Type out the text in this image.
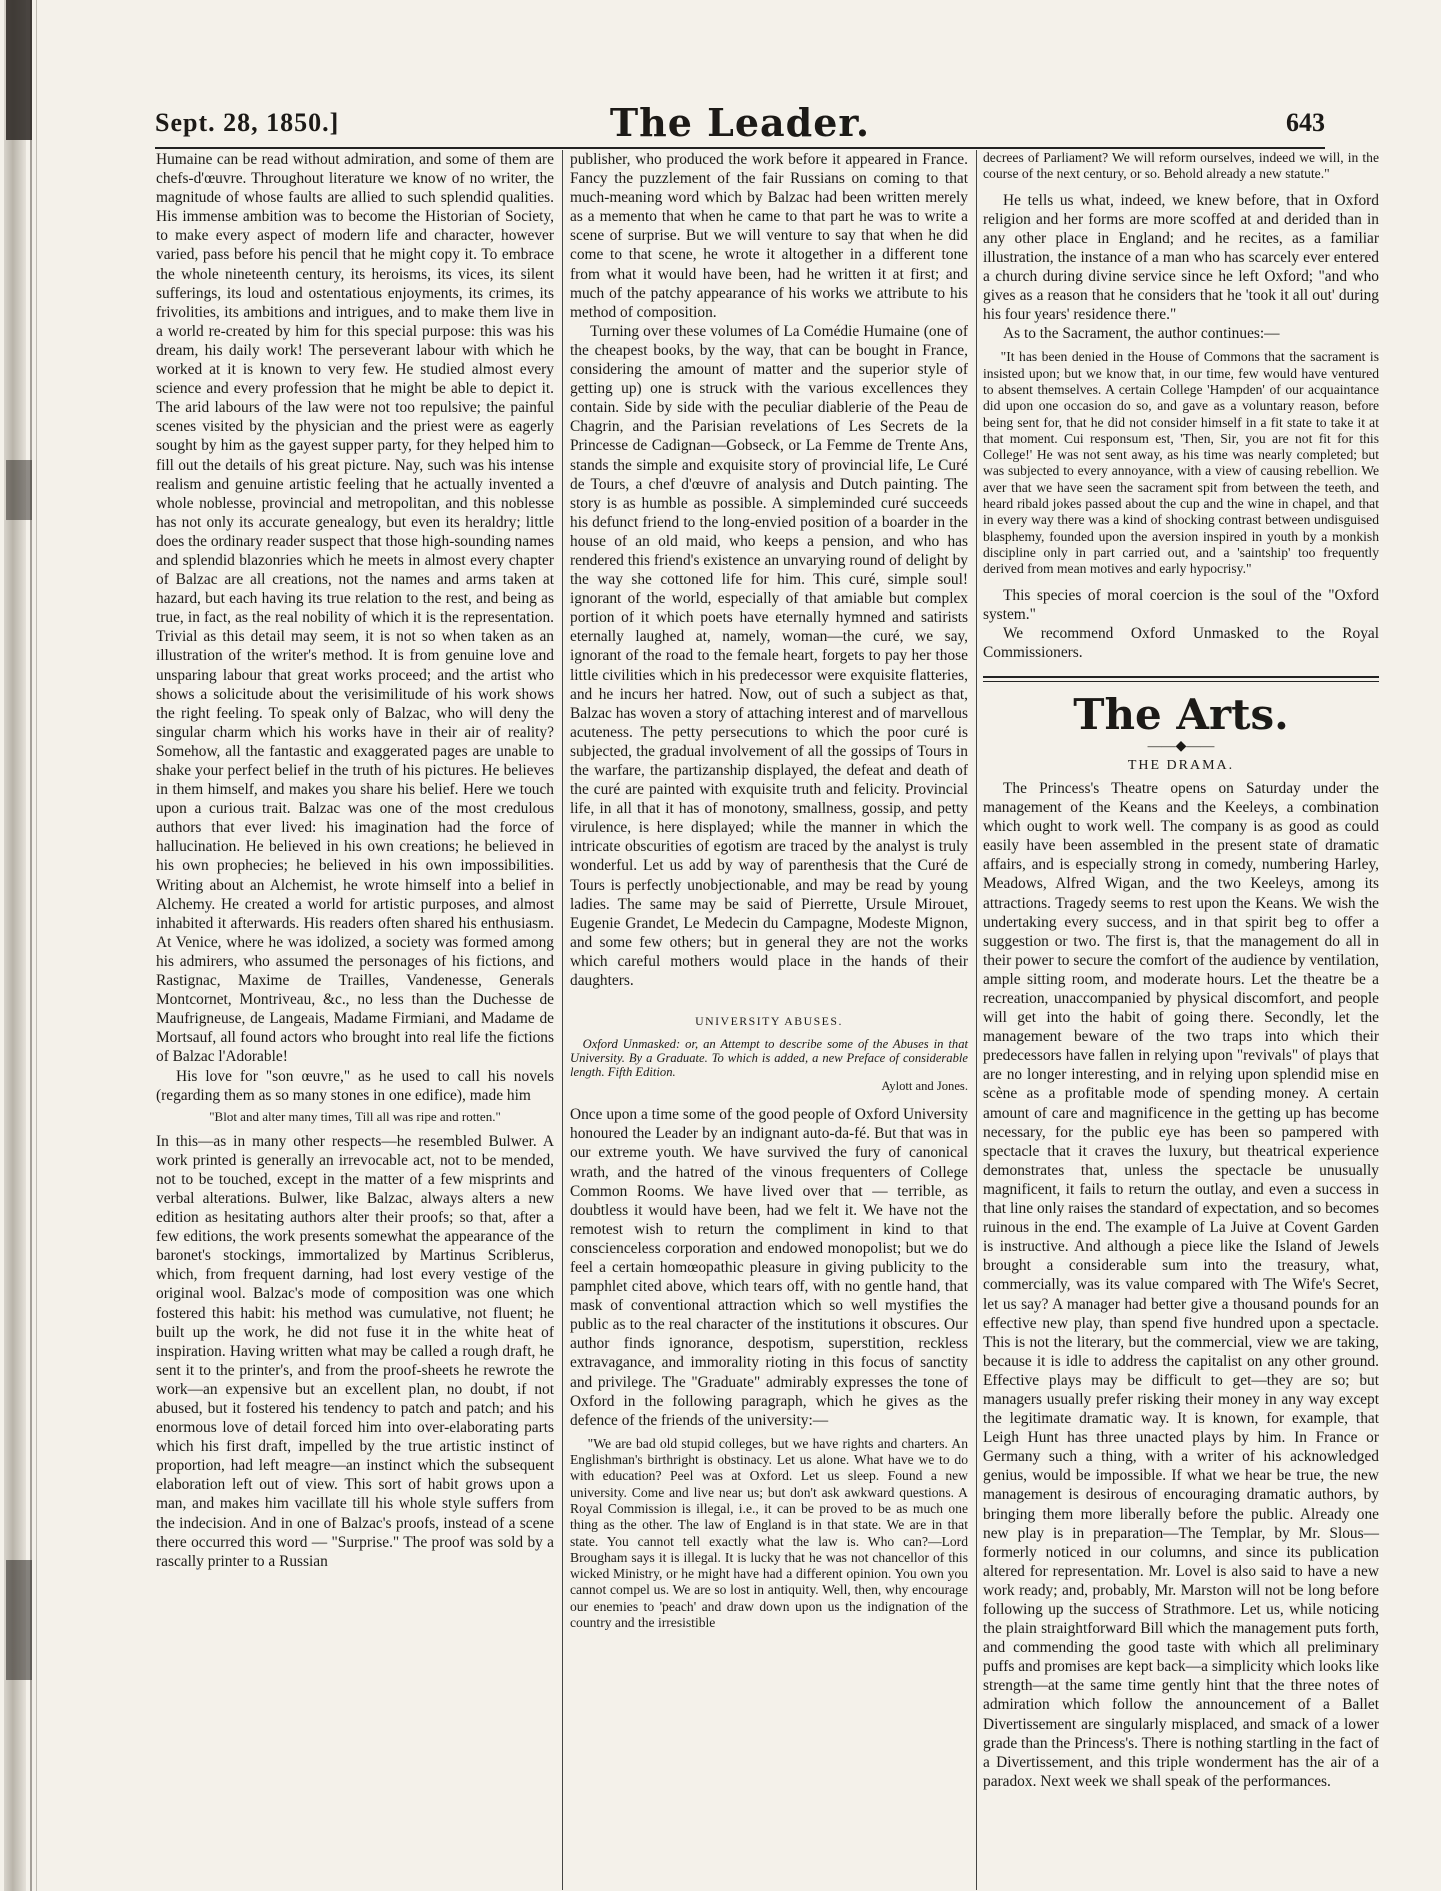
Sept. 28, 1850.]	The Leader.	643

Humaine can be read without admiration, and some of them are chefs-d'œuvre. Throughout literature we know of no writer, the magnitude of whose faults are allied to such splendid qualities. His immense ambition was to become the Historian of Society, to make every aspect of modern life and character, however varied, pass before his pencil that he might copy it. To embrace the whole nineteenth century, its heroisms, its vices, its silent sufferings, its loud and ostentatious enjoyments, its crimes, its frivolities, its ambitions and intrigues, and to make them live in a world re-created by him for this special purpose: this was his dream, his daily work! The perseverant labour with which he worked at it is known to very few. He studied almost every science and every profession that he might be able to depict it. The arid labours of the law were not too repulsive; the painful scenes visited by the physician and the priest were as eagerly sought by him as the gayest supper party, for they helped him to fill out the details of his great picture. Nay, such was his intense realism and genuine artistic feeling that he actually invented a whole noblesse, provincial and metropolitan, and this noblesse has not only its accurate genealogy, but even its heraldry; little does the ordinary reader suspect that those high-sounding names and splendid blazonries which he meets in almost every chapter of Balzac are all creations, not the names and arms taken at hazard, but each having its true relation to the rest, and being as true, in fact, as the real nobility of which it is the representation. Trivial as this detail may seem, it is not so when taken as an illustration of the writer's method. It is from genuine love and unsparing labour that great works proceed; and the artist who shows a solicitude about the verisimilitude of his work shows the right feeling. To speak only of Balzac, who will deny the singular charm which his works have in their air of reality? Somehow, all the fantastic and exaggerated pages are unable to shake your perfect belief in the truth of his pictures. He believes in them himself, and makes you share his belief. Here we touch upon a curious trait. Balzac was one of the most credulous authors that ever lived: his imagination had the force of hallucination. He believed in his own creations; he believed in his own prophecies; he believed in his own impossibilities. Writing about an Alchemist, he wrote himself into a belief in Alchemy. He created a world for artistic purposes, and almost inhabited it afterwards. His readers often shared his enthusiasm. At Venice, where he was idolized, a society was formed among his admirers, who assumed the personages of his fictions, and Rastignac, Maxime de Trailles, Vandenesse, Generals Montcornet, Montriveau, &c., no less than the Duchesse de Maufrigneuse, de Langeais, Madame Firmiani, and Madame de Mortsauf, all found actors who brought into real life the fictions of Balzac l'Adorable!

His love for "son œuvre," as he used to call his novels (regarding them as so many stones in one edifice), made him

"Blot and alter many times, Till all was ripe and rotten."

In this—as in many other respects—he resembled Bulwer. A work printed is generally an irrevocable act, not to be mended, not to be touched, except in the matter of a few misprints and verbal alterations. Bulwer, like Balzac, always alters a new edition as hesitating authors alter their proofs; so that, after a few editions, the work presents somewhat the appearance of the baronet's stockings, immortalized by Martinus Scriblerus, which, from frequent darning, had lost every vestige of the original wool. Balzac's mode of composition was one which fostered this habit: his method was cumulative, not fluent; he built up the work, he did not fuse it in the white heat of inspiration. Having written what may be called a rough draft, he sent it to the printer's, and from the proof-sheets he rewrote the work—an expensive but an excellent plan, no doubt, if not abused, but it fostered his tendency to patch and patch; and his enormous love of detail forced him into over-elaborating parts which his first draft, impelled by the true artistic instinct of proportion, had left meagre—an instinct which the subsequent elaboration left out of view. This sort of habit grows upon a man, and makes him vacillate till his whole style suffers from the indecision. And in one of Balzac's proofs, instead of a scene there occurred this word — "Surprise." The proof was sold by a rascally printer to a Russian

publisher, who produced the work before it appeared in France. Fancy the puzzlement of the fair Russians on coming to that much-meaning word which by Balzac had been written merely as a memento that when he came to that part he was to write a scene of surprise. But we will venture to say that when he did come to that scene, he wrote it altogether in a different tone from what it would have been, had he written it at first; and much of the patchy appearance of his works we attribute to his method of composition.

Turning over these volumes of La Comédie Humaine (one of the cheapest books, by the way, that can be bought in France, considering the amount of matter and the superior style of getting up) one is struck with the various excellences they contain. Side by side with the peculiar diablerie of the Peau de Chagrin, and the Parisian revelations of Les Secrets de la Princesse de Cadignan—Gobseck, or La Femme de Trente Ans, stands the simple and exquisite story of provincial life, Le Curé de Tours, a chef d'œuvre of analysis and Dutch painting. The story is as humble as possible. A simpleminded curé succeeds his defunct friend to the long-envied position of a boarder in the house of an old maid, who keeps a pension, and who has rendered this friend's existence an unvarying round of delight by the way she cottoned life for him. This curé, simple soul! ignorant of the world, especially of that amiable but complex portion of it which poets have eternally hymned and satirists eternally laughed at, namely, woman—the curé, we say, ignorant of the road to the female heart, forgets to pay her those little civilities which in his predecessor were exquisite flatteries, and he incurs her hatred. Now, out of such a subject as that, Balzac has woven a story of attaching interest and of marvellous acuteness. The petty persecutions to which the poor curé is subjected, the gradual involvement of all the gossips of Tours in the warfare, the partizanship displayed, the defeat and death of the curé are painted with exquisite truth and felicity. Provincial life, in all that it has of monotony, smallness, gossip, and petty virulence, is here displayed; while the manner in which the intricate obscurities of egotism are traced by the analyst is truly wonderful. Let us add by way of parenthesis that the Curé de Tours is perfectly unobjectionable, and may be read by young ladies. The same may be said of Pierrette, Ursule Mirouet, Eugenie Grandet, Le Medecin du Campagne, Modeste Mignon, and some few others; but in general they are not the works which careful mothers would place in the hands of their daughters.

UNIVERSITY ABUSES.
Oxford Unmasked: or, an Attempt to describe some of the Abuses in that University. By a Graduate. To which is added, a new Preface of considerable length. Fifth Edition.
Aylott and Jones.

Once upon a time some of the good people of Oxford University honoured the Leader by an indignant auto-da-fé. But that was in our extreme youth. We have survived the fury of canonical wrath, and the hatred of the vinous frequenters of College Common Rooms. We have lived over that — terrible, as doubtless it would have been, had we felt it. We have not the remotest wish to return the compliment in kind to that conscienceless corporation and endowed monopolist; but we do feel a certain homœopathic pleasure in giving publicity to the pamphlet cited above, which tears off, with no gentle hand, that mask of conventional attraction which so well mystifies the public as to the real character of the institutions it obscures. Our author finds ignorance, despotism, superstition, reckless extravagance, and immorality rioting in this focus of sanctity and privilege. The "Graduate" admirably expresses the tone of Oxford in the following paragraph, which he gives as the defence of the friends of the university:—

"We are bad old stupid colleges, but we have rights and charters. An Englishman's birthright is obstinacy. Let us alone. What have we to do with education? Peel was at Oxford. Let us sleep. Found a new university. Come and live near us; but don't ask awkward questions. A Royal Commission is illegal, i.e., it can be proved to be as much one thing as the other. The law of England is in that state. We are in that state. You cannot tell exactly what the law is. Who can?—Lord Brougham says it is illegal. It is lucky that he was not chancellor of this wicked Ministry, or he might have had a different opinion. You own you cannot compel us. We are so lost in antiquity. Well, then, why encourage our enemies to 'peach' and draw down upon us the indignation of the country and the irresistible
decrees of Parliament? We will reform ourselves, indeed we will, in the course of the next century, or so. Behold already a new statute."

He tells us what, indeed, we knew before, that in Oxford religion and her forms are more scoffed at and derided than in any other place in England; and he recites, as a familiar illustration, the instance of a man who has scarcely ever entered a church during divine service since he left Oxford; "and who gives as a reason that he considers that he 'took it all out' during his four years' residence there."

As to the Sacrament, the author continues:—

"It has been denied in the House of Commons that the sacrament is insisted upon; but we know that, in our time, few would have ventured to absent themselves. A certain College 'Hampden' of our acquaintance did upon one occasion do so, and gave as a voluntary reason, before being sent for, that he did not consider himself in a fit state to take it at that moment. Cui responsum est, 'Then, Sir, you are not fit for this College!' He was not sent away, as his time was nearly completed; but was subjected to every annoyance, with a view of causing rebellion. We aver that we have seen the sacrament spit from between the teeth, and heard ribald jokes passed about the cup and the wine in chapel, and that in every way there was a kind of shocking contrast between undisguised blasphemy, founded upon the aversion inspired in youth by a monkish discipline only in part carried out, and a 'saintship' too frequently derived from mean motives and early hypocrisy."

This species of moral coercion is the soul of the "Oxford system."

We recommend Oxford Unmasked to the Royal Commissioners.

The Arts.
——◆——
THE DRAMA.

The Princess's Theatre opens on Saturday under the management of the Keans and the Keeleys, a combination which ought to work well. The company is as good as could easily have been assembled in the present state of dramatic affairs, and is especially strong in comedy, numbering Harley, Meadows, Alfred Wigan, and the two Keeleys, among its attractions. Tragedy seems to rest upon the Keans. We wish the undertaking every success, and in that spirit beg to offer a suggestion or two. The first is, that the management do all in their power to secure the comfort of the audience by ventilation, ample sitting room, and moderate hours. Let the theatre be a recreation, unaccompanied by physical discomfort, and people will get into the habit of going there. Secondly, let the management beware of the two traps into which their predecessors have fallen in relying upon "revivals" of plays that are no longer interesting, and in relying upon splendid mise en scène as a profitable mode of spending money. A certain amount of care and magnificence in the getting up has become necessary, for the public eye has been so pampered with spectacle that it craves the luxury, but theatrical experience demonstrates that, unless the spectacle be unusually magnificent, it fails to return the outlay, and even a success in that line only raises the standard of expectation, and so becomes ruinous in the end. The example of La Juive at Covent Garden is instructive. And although a piece like the Island of Jewels brought a considerable sum into the treasury, what, commercially, was its value compared with The Wife's Secret, let us say? A manager had better give a thousand pounds for an effective new play, than spend five hundred upon a spectacle. This is not the literary, but the commercial, view we are taking, because it is idle to address the capitalist on any other ground. Effective plays may be difficult to get—they are so; but managers usually prefer risking their money in any way except the legitimate dramatic way. It is known, for example, that Leigh Hunt has three unacted plays by him. In France or Germany such a thing, with a writer of his acknowledged genius, would be impossible. If what we hear be true, the new management is desirous of encouraging dramatic authors, by bringing them more liberally before the public. Already one new play is in preparation—The Templar, by Mr. Slous—formerly noticed in our columns, and since its publication altered for representation. Mr. Lovel is also said to have a new work ready; and, probably, Mr. Marston will not be long before following up the success of Strathmore. Let us, while noticing the plain straightforward Bill which the management puts forth, and commending the good taste with which all preliminary puffs and promises are kept back—a simplicity which looks like strength—at the same time gently hint that the three notes of admiration which follow the announcement of a Ballet Divertissement are singularly misplaced, and smack of a lower grade than the Princess's. There is nothing startling in the fact of a Divertissement, and this triple wonderment has the air of a paradox. Next week we shall speak of the performances.
